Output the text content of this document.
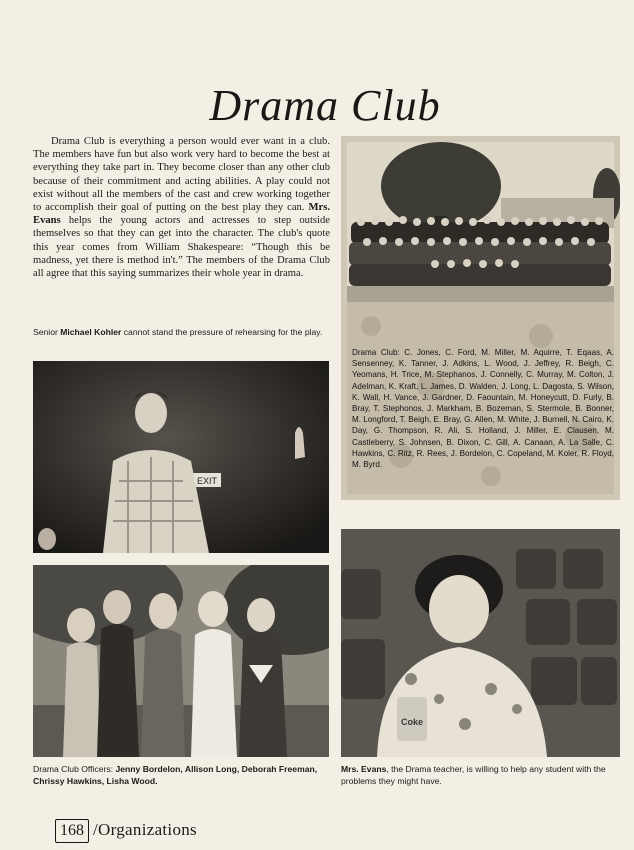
Drama Club
Drama Club is everything a person would ever want in a club. The members have fun but also work very hard to become the best at everything they take part in. They become closer than any other club because of their commitment and acting abilities. A play could not exist without all the members of the cast and crew working together to accomplish their goal of putting on the best play they can. Mrs. Evans helps the young actors and actresses to step outside themselves so that they can get into the character. The club's quote this year comes from William Shakespeare: “Though this be madness, yet there is method in't.” The members of the Drama Club all agree that this saying summarizes their whole year in drama.
Senior Michael Kohler cannot stand the pressure of rehearsing for the play.
EXIT
Drama Club: C. Jones, C. Ford, M. Miller, M. Aquirre, T. Eqaas, A. Sensenney, K. Tanner, J. Adkins, L. Wood, J. Jeffrey, R. Beigh, C. Yeomans, H. Trice, M. Stephanos, J. Connelly, C. Murray, M. Colton, J. Adelman, K. Kraft, L. James, D. Walden, J. Long, L. Dagosta, S. Wilson, K. Wall, H. Vance, J. Gardner, D. Faountain, M. Honeycutt, D. Furly, B. Bray, T. Stephonos, J. Markham, B. Bozeman, S. Stermole, B. Bonner, M. Longford, T. Beigh, E. Bray, G. Allen, M. White, J. Burnell, N. Cairo, K. Day, G. Thompson, R. Ali, S. Holland, J. Miller, E. Clausen, M. Castleberry, S. Johnsen, B. Dixon, C. Gill, A. Canaan, A. La Salle, C. Hawkins, C. Ritz, R. Rees, J. Bordelon, C. Copeland, M. Koler, R. Floyd, M. Byrd.
Drama Club Officers: Jenny Bordelon, Allison Long, Deborah Freeman, Chrissy Hawkins, Lisha Wood.
Coke
Mrs. Evans, the Drama teacher, is willing to help any student with the problems they might have.
168 /Organizations
